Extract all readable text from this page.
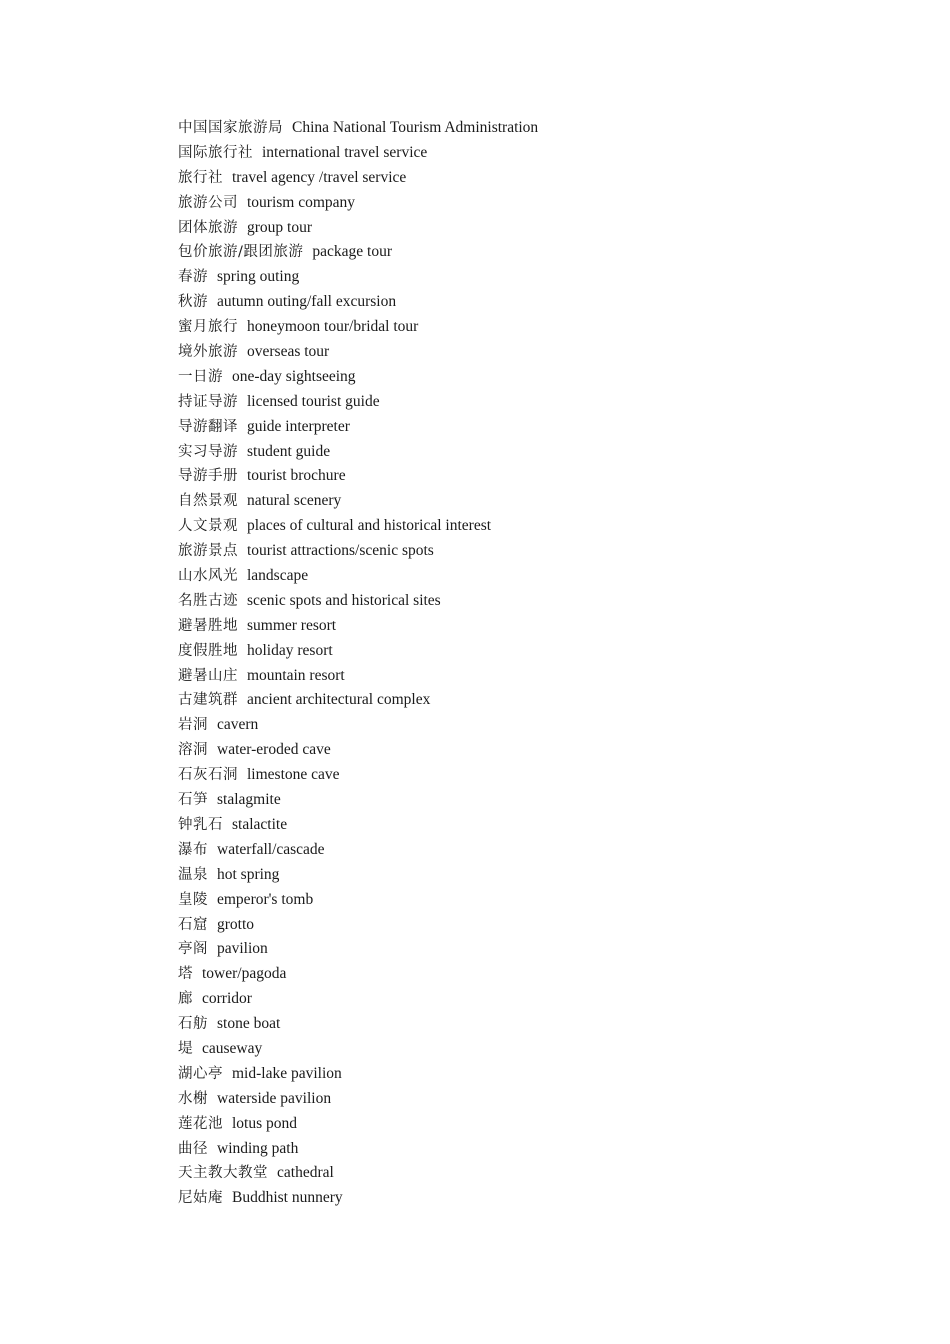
中国国家旅游局 China National Tourism Administration
国际旅行社 international travel service
旅行社 travel agency /travel service
旅游公司 tourism company
团体旅游 group tour
包价旅游/跟团旅游 package tour
春游 spring outing
秋游 autumn outing/fall excursion
蜜月旅行 honeymoon tour/bridal tour
境外旅游 overseas tour
一日游 one-day sightseeing
持证导游 licensed tourist guide
导游翻译 guide interpreter
实习导游 student guide
导游手册 tourist brochure
自然景观 natural scenery
人文景观 places of cultural and historical interest
旅游景点 tourist attractions/scenic spots
山水风光 landscape
名胜古迹 scenic spots and historical sites
避暑胜地 summer resort
度假胜地 holiday resort
避暑山庄 mountain resort
古建筑群 ancient architectural complex
岩洞 cavern
溶洞 water-eroded cave
石灰石洞 limestone cave
石笋 stalagmite
钟乳石 stalactite
瀑布 waterfall/cascade
温泉 hot spring
皇陵 emperor's tomb
石窟 grotto
亭阁 pavilion
塔 tower/pagoda
廊 corridor
石舫 stone boat
堤 causeway
湖心亭 mid-lake pavilion
水榭 waterside pavilion
莲花池 lotus pond
曲径 winding path
天主教大教堂 cathedral
尼姑庵 Buddhist nunnery
